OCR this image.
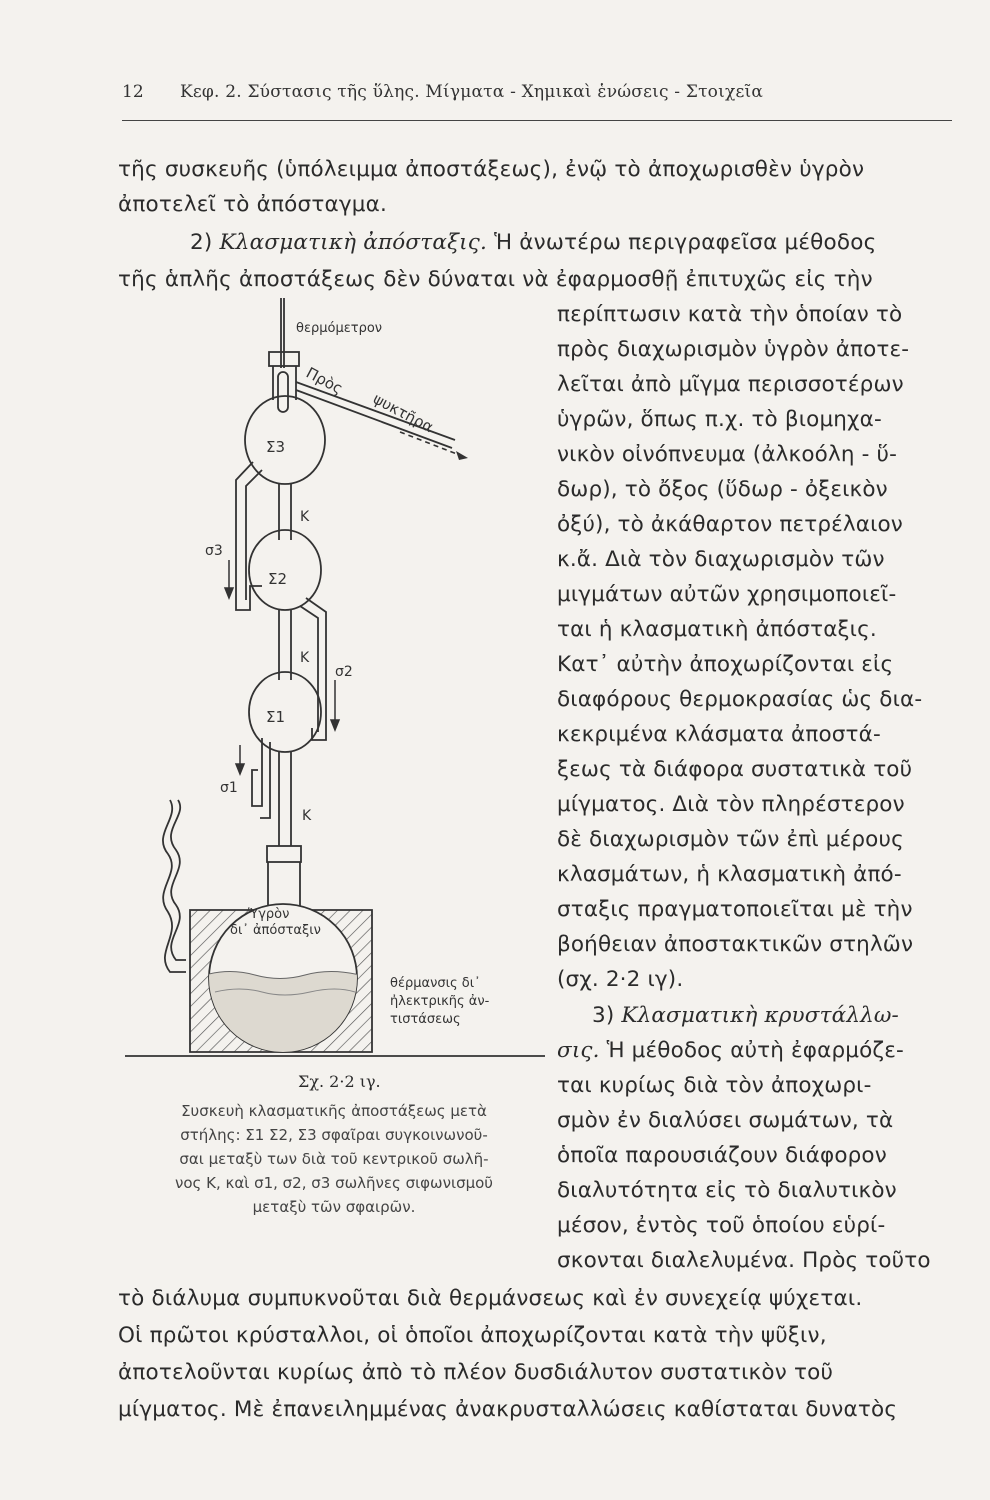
12 Κεφ. 2. Σύστασις τῆς ὕλης. Μίγματα - Χημικαὶ ἑνώσεις - Στοιχεῖα
τῆς συσκευῆς (ὑπόλειμμα ἀποστάξεως), ἐνῷ τὸ ἀποχωρισθὲν ὑγρὸν
ἀποτελεῖ τὸ ἀπόσταγμα.
2) Κλασματικὴ ἀπόσταξις. Ἡ ἀνωτέρω περιγραφεῖσα μέθοδος
τῆς ἁπλῆς ἀποστάξεως δὲν δύναται νὰ ἐφαρμοσθῇ ἐπιτυχῶς εἰς τὴν
περίπτωσιν κατὰ τὴν ὁποίαν τὸ
πρὸς διαχωρισμὸν ὑγρὸν ἀποτε-
λεῖται ἀπὸ μῖγμα περισσοτέρων
ὑγρῶν, ὅπως π.χ. τὸ βιομηχα-
νικὸν οἰνόπνευμα (ἀλκοόλη - ὕ-
δωρ), τὸ ὄξος (ὕδωρ - ὀξεικὸν
ὀξύ), τὸ ἀκάθαρτον πετρέλαιον
κ.ἄ. Διὰ τὸν διαχωρισμὸν τῶν
μιγμάτων αὐτῶν χρησιμοποιεῖ-
ται ἡ κλασματικὴ ἀπόσταξις.
Κατ᾽ αὐτὴν ἀποχωρίζονται εἰς
διαφόρους θερμοκρασίας ὡς δια-
κεκριμένα κλάσματα ἀποστά-
ξεως τὰ διάφορα συστατικὰ τοῦ
μίγματος. Διὰ τὸν πληρέστερον
δὲ διαχωρισμὸν τῶν ἐπὶ μέρους
κλασμάτων, ἡ κλασματικὴ ἀπό-
σταξις πραγματοποιεῖται μὲ τὴν
βοήθειαν ἀποστακτικῶν στηλῶν
(σχ. 2·2 ιγ).
3) Κλασματικὴ κρυστάλλω-
σις. Ἡ μέθοδος αὐτὴ ἐφαρμόζε-
ται κυρίως διὰ τὸν ἀποχωρι-
σμὸν ἐν διαλύσει σωμάτων, τὰ
ὁποῖα παρουσιάζουν διάφορον
διαλυτότητα εἰς τὸ διαλυτικὸν
μέσον, ἐντὸς τοῦ ὁποίου εὑρί-
σκονται διαλελυμένα. Πρὸς τοῦτο
τὸ διάλυμα συμπυκνοῦται διὰ θερμάνσεως καὶ ἐν συνεχείᾳ ψύχεται.
Οἱ πρῶτοι κρύσταλλοι, οἱ ὁποῖοι ἀποχωρίζονται κατὰ τὴν ψῦξιν,
ἀποτελοῦνται κυρίως ἀπὸ τὸ πλέον δυσδιάλυτον συστατικὸν τοῦ
μίγματος. Μὲ ἐπανειλημμένας ἀνακρυσταλλώσεις καθίσταται δυνατὸς
θερμόμετρον
Πρὸς
ψυκτῆρα
Σ3
Σ2
Σ1
K
K
K
σ3
σ2
σ1
Ὑγρὸν
δι᾽ ἀπόσταξιν
θέρμανσις δι᾽
ἠλεκτρικῆς ἀν-
τιστάσεως
Σχ. 2·2 ιγ.
Συσκευὴ κλασματικῆς ἀποστάξεως μετὰ
στήλης: Σ1 Σ2, Σ3 σφαῖραι συγκοινωνοῦ-
σαι μεταξὺ των διὰ τοῦ κεντρικοῦ σωλῆ-
νος Κ, καὶ σ1, σ2, σ3 σωλῆνες σιφωνισμοῦ
μεταξὺ τῶν σφαιρῶν.
